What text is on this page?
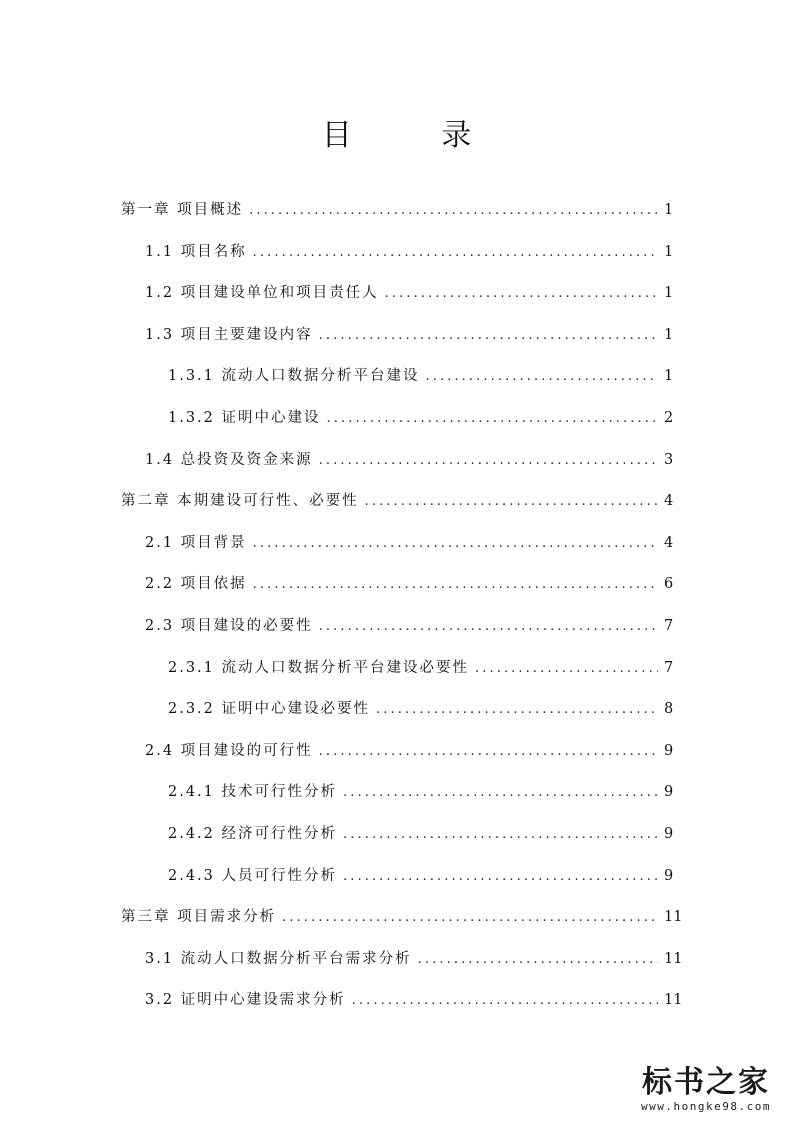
目 录
第一章 项目概述 .....	1
1.1 项目名称 .....	1
1.2 项目建设单位和项目责任人 .....	1
1.3 项目主要建设内容 .....	1
1.3.1 流动人口数据分析平台建设 .....	1
1.3.2 证明中心建设 .....	2
1.4 总投资及资金来源 .....	3
第二章 本期建设可行性、必要性 .....	4
2.1 项目背景 .....	4
2.2 项目依据 .....	6
2.3 项目建设的必要性 .....	7
2.3.1 流动人口数据分析平台建设必要性 .....	7
2.3.2 证明中心建设必要性 .....	8
2.4 项目建设的可行性 .....	9
2.4.1 技术可行性分析 .....	9
2.4.2 经济可行性分析 .....	9
2.4.3 人员可行性分析 .....	9
第三章 项目需求分析 .....	11
3.1 流动人口数据分析平台需求分析 .....	11
3.2 证明中心建设需求分析 .....	11
标书之家
www.hongke98.com
